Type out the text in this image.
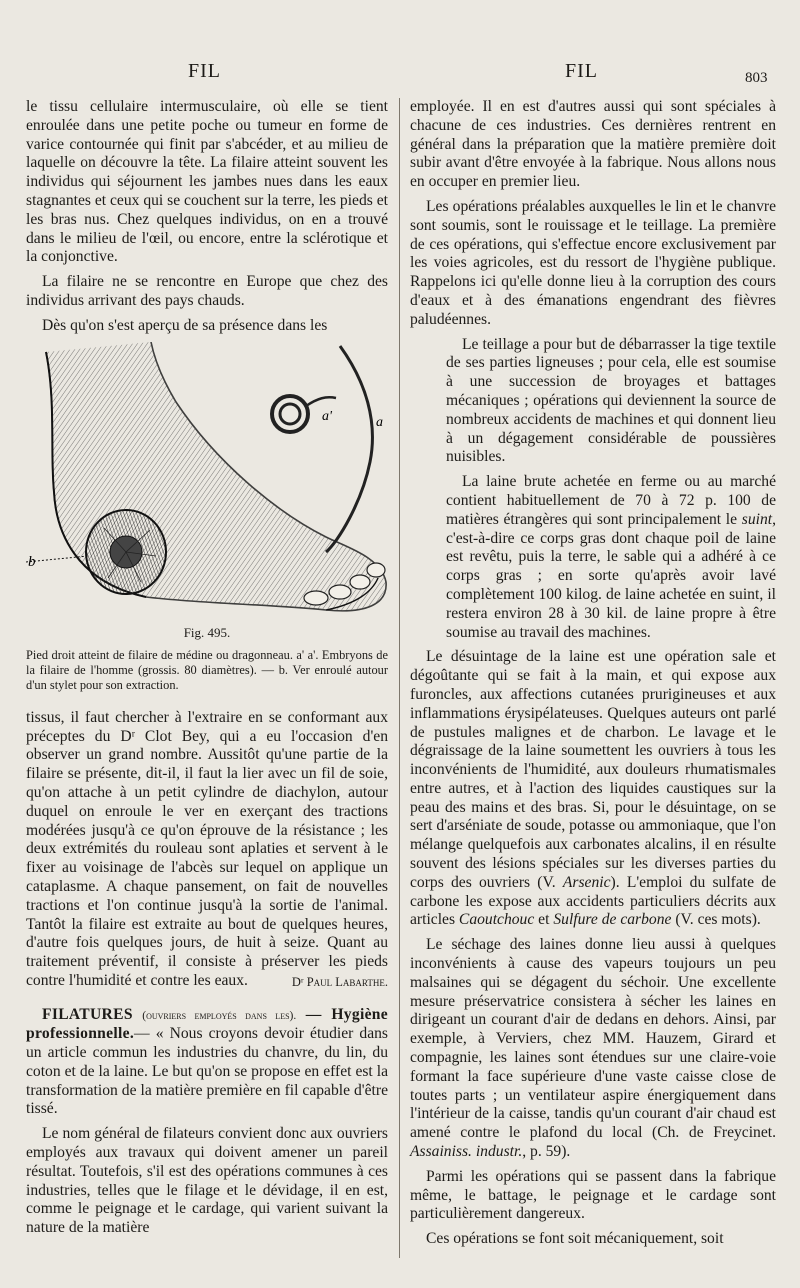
FIL	FIL	803

le tissu cellulaire intermusculaire, où elle se tient enroulée dans une petite poche ou tumeur en forme de varice contournée qui finit par s'abcéder, et au milieu de laquelle on découvre la tête. La filaire atteint souvent les individus qui séjournent les jambes nues dans les eaux stagnantes et ceux qui se couchent sur la terre, les pieds et les bras nus. Chez quelques individus, on en a trouvé dans le milieu de l'œil, ou encore, entre la sclérotique et la conjonctive.

La filaire ne se rencontre en Europe que chez des individus arrivant des pays chauds.

Dès qu'on s'est aperçu de sa présence dans les

b
a'	a
Fig. 495.

Pied droit atteint de filaire de médine ou dragonneau. a' a'. Embryons de la filaire de l'homme (grossis. 80 diamètres). — b. Ver enroulé autour d'un stylet pour son extraction.

tissus, il faut chercher à l'extraire en se conformant aux préceptes du Dʳ Clot Bey, qui a eu l'occasion d'en observer un grand nombre. Aussitôt qu'une partie de la filaire se présente, dit-il, il faut la lier avec un fil de soie, qu'on attache à un petit cylindre de diachylon, autour duquel on enroule le ver en exerçant des tractions modérées jusqu'à ce qu'on éprouve de la résistance ; les deux extrémités du rouleau sont aplaties et servent à le fixer au voisinage de l'abcès sur lequel on applique un cataplasme. A chaque pansement, on fait de nouvelles tractions et l'on continue jusqu'à la sortie de l'animal. Tantôt la filaire est extraite au bout de quelques heures, d'autre fois quelques jours, de huit à seize. Quant au traitement préventif, il consiste à préserver les pieds contre l'humidité et contre les eaux.	Dʳ Paul Labarthe.

FILATURES (ouvriers employés dans les). — Hygiène professionnelle.— « Nous croyons devoir étudier dans un article commun les industries du chanvre, du lin, du coton et de la laine. Le but qu'on se propose en effet est la transformation de la matière première en fil capable d'être tissé.

Le nom général de filateurs convient donc aux ouvriers employés aux travaux qui doivent amener un pareil résultat. Toutefois, s'il est des opérations communes à ces industries, telles que le filage et le dévidage, il en est, comme le peignage et le cardage, qui varient suivant la nature de la matière

employée. Il en est d'autres aussi qui sont spéciales à chacune de ces industries. Ces dernières rentrent en général dans la préparation que la matière première doit subir avant d'être envoyée à la fabrique. Nous allons nous en occuper en premier lieu.

Les opérations préalables auxquelles le lin et le chanvre sont soumis, sont le rouissage et le teillage. La première de ces opérations, qui s'effectue encore exclusivement par les voies agricoles, est du ressort de l'hygiène publique. Rappelons ici qu'elle donne lieu à la corruption des cours d'eaux et à des émanations engendrant des fièvres paludéennes.

Le teillage a pour but de débarrasser la tige textile de ses parties ligneuses ; pour cela, elle est soumise à une succession de broyages et battages mécaniques ; opérations qui deviennent la source de nombreux accidents de machines et qui donnent lieu à un dégagement considérable de poussières nuisibles.

La laine brute achetée en ferme ou au marché contient habituellement de 70 à 72 p. 100 de matières étrangères qui sont principalement le suint, c'est-à-dire ce corps gras dont chaque poil de laine est revêtu, puis la terre, le sable qui a adhéré à ce corps gras ; en sorte qu'après avoir lavé complètement 100 kilog. de laine achetée en suint, il restera environ 28 à 30 kil. de laine propre à être soumise au travail des machines.

Le désuintage de la laine est une opération sale et dégoûtante qui se fait à la main, et qui expose aux furoncles, aux affections cutanées prurigineuses et aux inflammations érysipélateuses. Quelques auteurs ont parlé de pustules malignes et de charbon. Le lavage et le dégraissage de la laine soumettent les ouvriers à tous les inconvénients de l'humidité, aux douleurs rhumatismales entre autres, et à l'action des liquides caustiques sur la peau des mains et des bras. Si, pour le désuintage, on se sert d'arséniate de soude, potasse ou ammoniaque, que l'on mélange quelquefois aux carbonates alcalins, il en résulte souvent des lésions spéciales sur les diverses parties du corps des ouvriers (V. Arsenic). L'emploi du sulfate de carbone les expose aux accidents particuliers décrits aux articles Caoutchouc et Sulfure de carbone (V. ces mots).

Le séchage des laines donne lieu aussi à quelques inconvénients à cause des vapeurs toujours un peu malsaines qui se dégagent du séchoir. Une excellente mesure préservatrice consistera à sécher les laines en dirigeant un courant d'air de dedans en dehors. Ainsi, par exemple, à Verviers, chez MM. Hauzem, Girard et compagnie, les laines sont étendues sur une claire-voie formant la face supérieure d'une vaste caisse close de toutes parts ; un ventilateur aspire énergiquement dans l'intérieur de la caisse, tandis qu'un courant d'air chaud est amené contre le plafond du local (Ch. de Freycinet. Assainiss. industr., p. 59).

Parmi les opérations qui se passent dans la fabrique même, le battage, le peignage et le cardage sont particulièrement dangereux.

Ces opérations se font soit mécaniquement, soit
